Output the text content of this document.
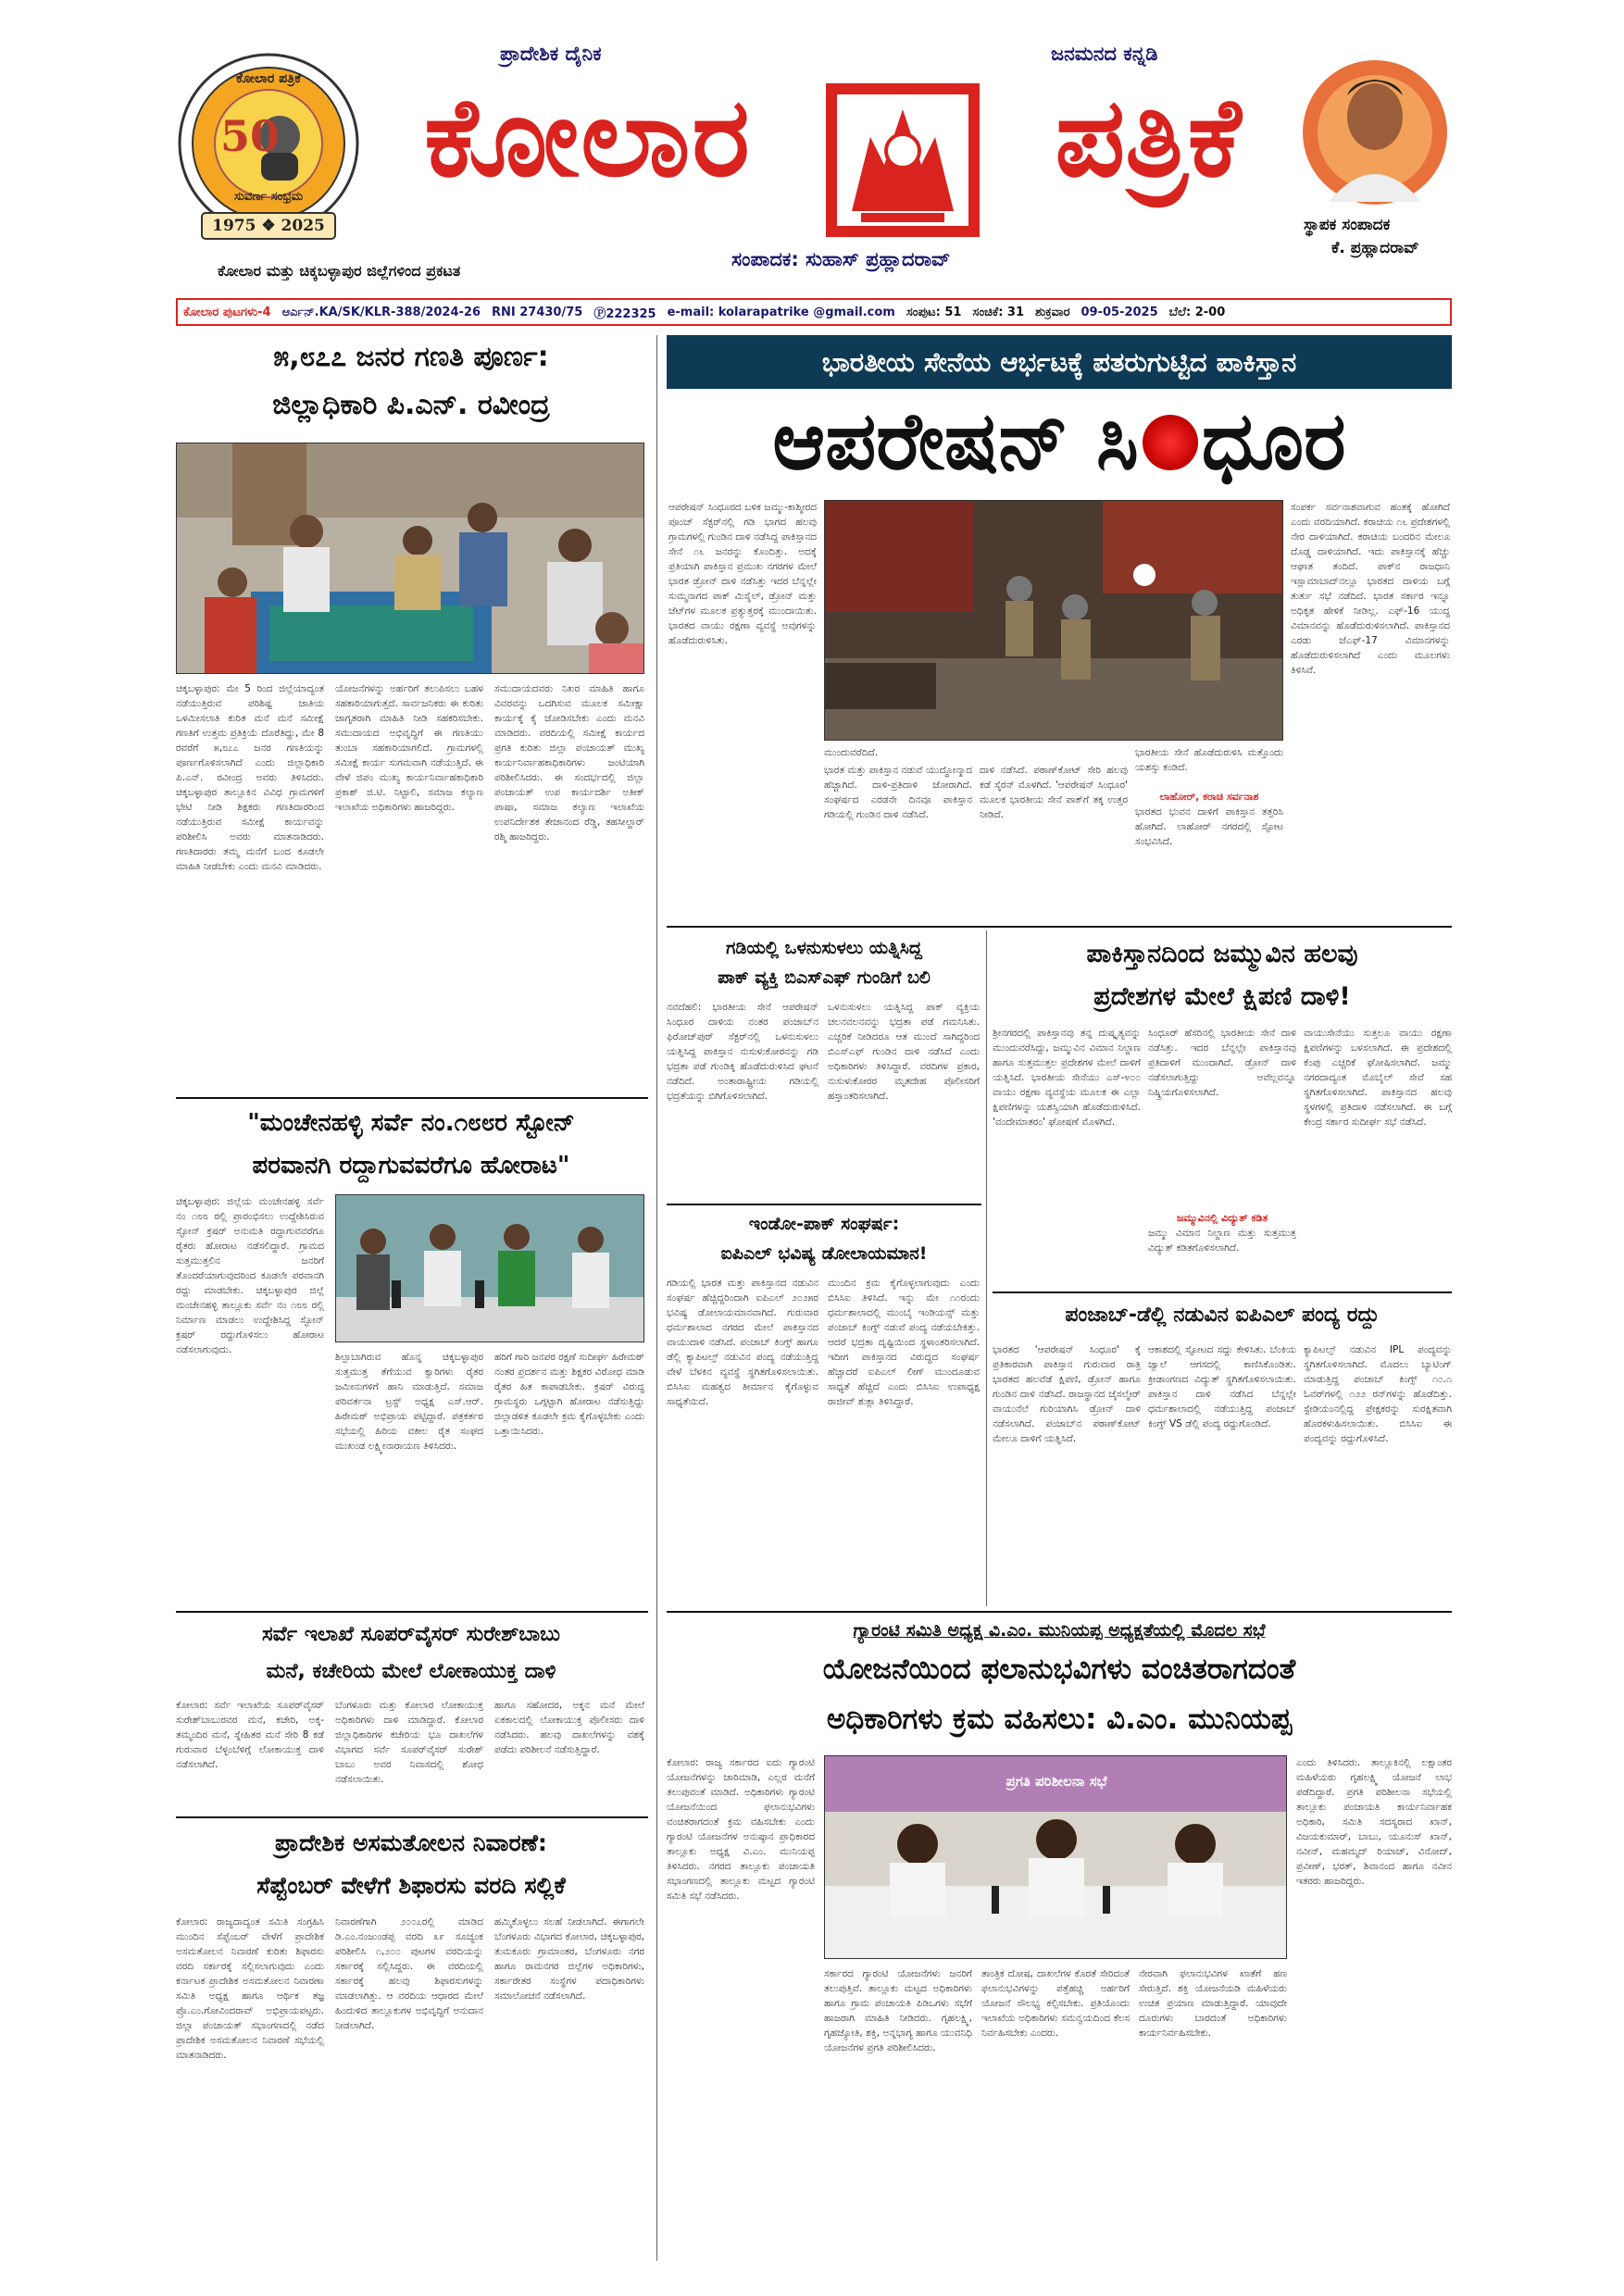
ಕೋಲಾರ ಪತ್ರಿಕೆ
50
ಸುವರ್ಣ ಸಂಭ್ರಮ
1975 ❖ 2025
ಪ್ರಾದೇಶಿಕ ದೈನಿಕ	ಜನಮನದ ಕನ್ನಡಿ
ಕೋಲಾರ	ಪತ್ರಿಕೆ
ಸ್ಥಾಪಕ ಸಂಪಾದಕ
ಕೆ. ಪ್ರಹ್ಲಾದರಾವ್
ಸಂಪಾದಕ: ಸುಹಾಸ್ ಪ್ರಹ್ಲಾದರಾವ್
ಕೋಲಾರ ಮತ್ತು ಚಿಕ್ಕಬಳ್ಳಾಪುರ ಜಿಲ್ಲೆಗಳಿಂದ ಪ್ರಕಟತ
ಕೋಲಾರ ಪುಟಗಳು-4 ಆರ್ಎನ್.KA/SK/KLR-388/2024-26 RNI 27430/75 Ⓟ222325 e-mail: kolarapatrike @gmail.com ಸಂಪುಟ: 51 ಸಂಚಿಕೆ: 31 ಶುಕ್ರವಾರ 09-05-2025 ಬೆಲೆ: 2-00
೫,೮೭೭ ಜನರ ಗಣತಿ ಪೂರ್ಣ:
ಜಿಲ್ಲಾಧಿಕಾರಿ ಪಿ.ಎನ್. ರವೀಂದ್ರ
ಚಿಕ್ಕಬಳ್ಳಾಪುರ: ಮೇ 5 ರಿಂದ ಜಿಲ್ಲೆಯಾದ್ಯಂತ ನಡೆಯುತ್ತಿರುವ ಪರಿಶಿಷ್ಟ ಜಾತಿಯ ಒಳಮೀಸಲಾತಿ ಕುರಿತ ಮನೆ ಮನೆ ಸಮೀಕ್ಷೆ ಗಣತಿಗೆ ಉತ್ತಮ ಪ್ರತಿಕ್ರಿಯೆ ದೊರೆತಿದ್ದು, ಮೇ 8 ರವರೆಗೆ ೫,೮೭೭ ಜನರ ಗಣತಿಯನ್ನು ಪೂರ್ಣಗೊಳಿಸಲಾಗಿದೆ ಎಂದು ಜಿಲ್ಲಾಧಿಕಾರಿ ಪಿ.ಎನ್. ರವೀಂದ್ರ ಅವರು ತಿಳಿಸಿದರು. ಚಿಕ್ಕಬಳ್ಳಾಪುರ ತಾಲ್ಲೂಕಿನ ವಿವಿಧ ಗ್ರಾಮಗಳಿಗೆ ಭೇಟಿ ನೀಡಿ ಶಿಕ್ಷಕರು ಗಣತಿದಾರರಿಂದ ನಡೆಯುತ್ತಿರುವ ಸಮೀಕ್ಷೆ ಕಾರ್ಯವನ್ನು ಪರಿಶೀಲಿಸಿ ಅವರು ಮಾತನಾಡಿದರು. ಗಣತಿದಾರರು ತಮ್ಮ ಮನೆಗೆ ಬಂದ ಕೂಡಲೇ ಮಾಹಿತಿ ನೀಡಬೇಕು ಎಂದು ಮನವಿ ಮಾಡಿದರು.
ಯೋಜನೆಗಳನ್ನು ಅರ್ಹರಿಗೆ ತಲುಪಿಸಲು ಬಹಳ ಸಹಕಾರಿಯಾಗುತ್ತದೆ. ಸಾರ್ವಜನಿಕರು ಈ ಕುರಿತು ಜಾಗೃತರಾಗಿ ಮಾಹಿತಿ ನೀಡಿ ಸಹಕರಿಸಬೇಕು. ಸಮುದಾಯದ ಅಭಿವೃದ್ಧಿಗೆ ಈ ಗಣತಿಯು ತುಂಬಾ ಸಹಕಾರಿಯಾಗಲಿದೆ. ಗ್ರಾಮಗಳಲ್ಲಿ ಸಮೀಕ್ಷೆ ಕಾರ್ಯ ಸುಗಮವಾಗಿ ನಡೆಯುತ್ತಿದೆ. ಈ ವೇಳೆ ಜಿಪಂ ಮುಖ್ಯ ಕಾರ್ಯನಿರ್ವಾಹಕಾಧಿಕಾರಿ ಪ್ರಕಾಶ್ ಜಿ.ಟಿ. ನಿಟ್ಟಾಲಿ, ಸಮಾಜ ಕಲ್ಯಾಣ ಇಲಾಖೆಯ ಅಧಿಕಾರಿಗಳು ಹಾಜರಿದ್ದರು.
ಸಮುದಾಯದವರು ನಿಖರ ಮಾಹಿತಿ ಹಾಗೂ ವಿವರವನ್ನು ಒದಗಿಸುವ ಮೂಲಕ ಸಮೀಕ್ಷಾ ಕಾರ್ಯಕ್ಕೆ ಕೈ ಜೋಡಿಸಬೇಕು ಎಂದು ಮನವಿ ಮಾಡಿದರು. ವರದಿಯಲ್ಲಿ ಸಮೀಕ್ಷೆ ಕಾರ್ಯದ ಪ್ರಗತಿ ಕುರಿತು ಜಿಲ್ಲಾ ಪಂಚಾಯತ್ ಮುಖ್ಯ ಕಾರ್ಯನಿರ್ವಾಹಕಾಧಿಕಾರಿಗಳು ಜಂಟಿಯಾಗಿ ಪರಿಶೀಲಿಸಿದರು. ಈ ಸಂದರ್ಭದಲ್ಲಿ ಜಿಲ್ಲಾ ಪಂಚಾಯತ್ ಉಪ ಕಾರ್ಯದರ್ಶಿ ಅತೀಕ್ ಪಾಷಾ, ಸಮಾಜ ಕಲ್ಯಾಣ ಇಲಾಖೆಯ ಉಪನಿರ್ದೇಶಕ ತೇಜಾನಂದ ರೆಡ್ಡಿ, ತಹಸೀಲ್ದಾರ್ ರಶ್ಮಿ ಹಾಜರಿದ್ದರು.
"ಮಂಚೇನಹಳ್ಳಿ ಸರ್ವೆ ನಂ.೧೮೮ರ ಸ್ಟೋನ್
ಪರವಾನಗಿ ರದ್ದಾಗುವವರೆಗೂ ಹೋರಾಟ"
ಚಿಕ್ಕಬಳ್ಳಾಪುರ: ಜಿಲ್ಲೆಯ ಮಂಚೇನಹಳ್ಳಿ ಸರ್ವೆ ನಂ ೧೮೮ ರಲ್ಲಿ ಪ್ರಾರಂಭಿಸಲು ಉದ್ದೇಶಿಸಿರುವ ಸ್ಟೋನ್ ಕ್ರಷರ್ ಅನುಮತಿ ರದ್ದಾಗುವವರೆಗೂ ರೈತರು ಹೋರಾಟ ನಡೆಸಲಿದ್ದಾರೆ. ಗ್ರಾಮದ ಸುತ್ತಮುತ್ತಲಿನ ಜನರಿಗೆ ತೊಂದರೆಯಾಗುವುದರಿಂದ ಕೂಡಲೇ ಪರವಾನಗಿ ರದ್ದು ಮಾಡಬೇಕು. ಚಿಕ್ಕಬಳ್ಳಾಪುರ ಜಿಲ್ಲೆ ಮಂಚೇನಹಳ್ಳಿ ತಾಲ್ಲೂಕು ಸರ್ವೆ ನಂ ೧೮೮ ರಲ್ಲಿ ನಿರ್ಮಾಣ ಮಾಡಲು ಉದ್ದೇಶಿಸಿದ್ದ ಸ್ಟೋನ್ ಕ್ರಷರ್ ರದ್ದುಗೊಳಿಸಲು ಹೋರಾಟ ನಡೆಸಲಾಗುವುದು.
ಶಿಲ್ಪಾಬಾಗಿರುವ ಹೊನ್ನ ಚಿಕ್ಕಬಳ್ಳಾಪುರ ಸುತ್ತಮುತ್ತ ತೆಗೆಯುವ ಕ್ವಾರಿಗಳು ರೈತರ ಜಮೀನುಗಳಿಗೆ ಹಾನಿ ಮಾಡುತ್ತಿದೆ. ಸಮಾಜ ಪರಿವರ್ತನಾ ಟ್ರಸ್ಟ್ ಅಧ್ಯಕ್ಷ ಎಸ್.ಆರ್. ಹಿರೇಮಠ್ ಅಭಿಪ್ರಾಯ ಪಟ್ಟಿದ್ದಾರೆ. ಪತ್ರಕರ್ತರ ಸಭೆಯಲ್ಲಿ ಹಿರಿಯ ವಕೀಲ ರೈತ ಸಂಘದ ಮುಖಂಡ ಲಕ್ಷ್ಮೀನಾರಾಯಣ ತಿಳಿಸಿದರು.
ಹರಿಗೆ ಗಾರಿ ಜನಪರ ರಕ್ಷಣೆ ಸುದೀರ್ಘ ಹಿರೇಮಠ್ ನಂತರ ಪ್ರದರ್ಶನ ಮತ್ತು ಶಿಕ್ಷಕರ ವಿರೋಧ ಮಾಡಿ ರೈತರ ಹಿತ ಕಾಪಾಡಬೇಕು. ಕ್ರಷರ್ ವಿರುದ್ಧ ಗ್ರಾಮಸ್ಥರು ಒಗ್ಗಟ್ಟಾಗಿ ಹೋರಾಟ ನಡೆಸುತ್ತಿದ್ದು ಜಿಲ್ಲಾಡಳಿತ ಕೂಡಲೇ ಕ್ರಮ ಕೈಗೊಳ್ಳಬೇಕು ಎಂದು ಒತ್ತಾಯಿಸಿದರು.
ಸರ್ವೆ ಇಲಾಖೆ ಸೂಪರ್‌ವೈಸರ್ ಸುರೇಶ್‌ಬಾಬು
ಮನೆ, ಕಚೇರಿಯ ಮೇಲೆ ಲೋಕಾಯುಕ್ತ ದಾಳಿ
ಕೋಲಾರ: ಸರ್ವೆ ಇಲಾಖೆಯ ಸೂಪರ್‌ವೈಸರ್ ಸುರೇಶ್‌ಬಾಬುರವರ ಮನೆ, ಕಚೇರಿ, ಅಕ್ಕ-ತಮ್ಮಂದಿರ ಮನೆ, ಸ್ನೇಹಿತರ ಮನೆ ಸೇರಿ 8 ಕಡೆ ಗುರುವಾರ ಬೆಳ್ಳಂಬೆಳಿಗ್ಗೆ ಲೋಕಾಯುಕ್ತ ದಾಳಿ ನಡೆಸಲಾಗಿದೆ.
ಬೆಂಗಳೂರು ಮತ್ತು ಕೋಲಾರ ಲೋಕಾಯುಕ್ತ ಅಧಿಕಾರಿಗಳು ದಾಳಿ ಮಾಡಿದ್ದಾರೆ. ಕೋಲಾರ ಜಿಲ್ಲಾಧಿಕಾರಿಗಳ ಕಚೇರಿಯ ಭೂ ದಾಖಲೆಗಳ ವಿಭಾಗದ ಸರ್ವೆ ಸೂಪರ್‌ವೈಸರ್ ಸುರೇಶ್ ಬಾಬು ಅವರ ನಿವಾಸದಲ್ಲಿ ಶೋಧ ನಡೆಸಲಾಯಿತು.
ಹಾಗೂ ಸಹೋದರ, ಅಕ್ಕನ ಮನೆ ಮೇಲೆ ಏಕಕಾಲದಲ್ಲಿ ಲೋಕಾಯುಕ್ತ ಪೊಲೀಸರು ದಾಳಿ ನಡೆಸಿದರು. ಹಲವು ದಾಖಲೆಗಳನ್ನು ವಶಕ್ಕೆ ಪಡೆದು ಪರಿಶೀಲನೆ ನಡೆಸುತ್ತಿದ್ದಾರೆ.
ಪ್ರಾದೇಶಿಕ ಅಸಮತೋಲನ ನಿವಾರಣೆ:
ಸೆಪ್ಟೆಂಬರ್ ವೇಳೆಗೆ ಶಿಫಾರಸು ವರದಿ ಸಲ್ಲಿಕೆ
ಕೋಲಾರ: ರಾಜ್ಯದಾದ್ಯಂತ ಸಮಿತಿ ಸಂಗ್ರಹಿಸಿ ಮುಂದಿನ ಸೆಪ್ಟೆಂಬರ್ ವೇಳೆಗೆ ಪ್ರಾದೇಶಿಕ ಅಸಮತೋಲನ ನಿವಾರಣೆ ಕುರಿತು ಶಿಫಾರಸು ವರದಿ ಸರ್ಕಾರಕ್ಕೆ ಸಲ್ಲಿಸಲಾಗುವುದು ಎಂದು ಕರ್ನಾಟಕ ಪ್ರಾದೇಶಿಕ ಅಸಮತೋಲನ ನಿವಾರಣಾ ಸಮಿತಿ ಅಧ್ಯಕ್ಷ ಹಾಗೂ ಆರ್ಥಿಕ ತಜ್ಞ ಪ್ರೊ.ಎಂ.ಗೋವಿಂದರಾವ್ ಅಭಿಪ್ರಾಯಪಟ್ಟರು. ಜಿಲ್ಲಾ ಪಂಚಾಯತ್ ಸಭಾಂಗಣದಲ್ಲಿ ನಡೆದ ಪ್ರಾದೇಶಿಕ ಅಸಮತೋಲನ ನಿವಾರಣೆ ಸಭೆಯಲ್ಲಿ ಮಾತನಾಡಿದರು.
ನಿವಾರಣೆಗಾಗಿ ೨೦೦೭ರಲ್ಲಿ ಮಾಡಿದ ಡಿ.ಎಂ.ನಂಜುಂಡಪ್ಪ ವರದಿ ೩೯ ಸೂಚ್ಯಂಕ ಪರಿಶೀಲಿಸಿ ೧,೨೦೦ ಪುಟಗಳ ವರದಿಯನ್ನು ಸರ್ಕಾರಕ್ಕೆ ಸಲ್ಲಿಸಿದ್ದರು. ಈ ವರದಿಯಲ್ಲಿ ಸರ್ಕಾರಕ್ಕೆ ಹಲವು ಶಿಫಾರಸುಗಳನ್ನು ಮಾಡಲಾಗಿತ್ತು. ಆ ವರದಿಯ ಆಧಾರದ ಮೇಲೆ ಹಿಂದುಳಿದ ತಾಲ್ಲೂಕುಗಳ ಅಭಿವೃದ್ಧಿಗೆ ಅನುದಾನ ನೀಡಲಾಗಿದೆ.
ಹಮ್ಮಿಕೊಳ್ಳಲು ಸಲಹೆ ನೀಡಲಾಗಿದೆ. ಈಗಾಗಲೇ ಬೆಂಗಳೂರು ವಿಭಾಗದ ಕೋಲಾರ, ಚಿಕ್ಕಬಳ್ಳಾಪುರ, ತುಮಕೂರು ಗ್ರಾಮಾಂತರ, ಬೆಂಗಳೂರು ನಗರ ಹಾಗೂ ರಾಮನಗರ ಜಿಲ್ಲೆಗಳ ಅಧಿಕಾರಿಗಳು, ಸರ್ಕಾರೇತರ ಸಂಸ್ಥೆಗಳ ಪದಾಧಿಕಾರಿಗಳು ಸಮಾಲೋಚನೆ ನಡೆಸಲಾಗಿದೆ.
ಭಾರತೀಯ ಸೇನೆಯ ಆರ್ಭಟಕ್ಕೆ ಪತರುಗುಟ್ಟಿದ ಪಾಕಿಸ್ತಾನ
ಆಪರೇಷನ್ ಸಿ ಧೂರ
ಆಪರೇಷನ್ ಸಿಂಧೂರದ ಬಳಿಕ ಜಮ್ಮು-ಕಾಶ್ಮೀರದ ಪೂಂಚ್ ಸೆಕ್ಟರ್‌ನಲ್ಲಿ ಗಡಿ ಭಾಗದ ಹಲವು ಗ್ರಾಮಗಳಲ್ಲಿ ಗುಂಡಿನ ದಾಳಿ ನಡೆಸಿದ್ದ ಪಾಕಿಸ್ತಾನದ ಸೇನೆ ೧೬ ಜನರನ್ನು ಕೊಂದಿತ್ತು. ಅದಕ್ಕೆ ಪ್ರತಿಯಾಗಿ ಪಾಕಿಸ್ತಾನ ಪ್ರಮುಖ ನಗರಗಳ ಮೇಲೆ ಭಾರತ ಡ್ರೋನ್ ದಾಳಿ ನಡೆಸಿತ್ತು ಇದರ ಬೆನ್ನಲ್ಲೇ ಸುಮ್ಮನಾಗದ ಪಾಕ್ ಮಿಸೈಲ್, ಡ್ರೋನ್ ಮತ್ತು ಜೆಟ್‌ಗಳ ಮೂಲಕ ಪ್ರತ್ಯುತ್ತರಕ್ಕೆ ಮುಂದಾಯಿತು. ಭಾರತದ ವಾಯು ರಕ್ಷಣಾ ವ್ಯವಸ್ಥೆ ಅವುಗಳನ್ನು ಹೊಡೆದುರುಳಿಸಿತು.
ಮುಂದುವರೆದಿದೆ.
ಭಾರತ ಮತ್ತು ಪಾಕಿಸ್ತಾನ ನಡುವೆ ಯುದ್ಧೋನ್ಮಾದ ಹೆಚ್ಚಾಗಿದೆ. ದಾಳಿ-ಪ್ರತಿದಾಳಿ ಜೋರಾಗಿದೆ. ಸಂಘರ್ಷದ ಎರಡನೇ ದಿನವೂ ಪಾಕಿಸ್ತಾನ ಗಡಿಯಲ್ಲಿ ಗುಂಡಿನ ದಾಳಿ ನಡೆಸಿದೆ.
ದಾಳಿ ನಡೆಸಿದೆ. ಪಠಾಣ್‌ಕೋಟ್ ಸೇರಿ ಹಲವು ಕಡೆ ಸೈರನ್ ಮೊಳಗಿದೆ. 'ಆಪರೇಷನ್ ಸಿಂಧೂರ' ಮೂಲಕ ಭಾರತೀಯ ಸೇನೆ ಪಾಕ್‌ಗೆ ತಕ್ಕ ಉತ್ತರ ನೀಡಿದೆ.
ಭಾರತೀಯ ಸೇನೆ ಹೊಡೆದುರುಳಿಸಿ ಮತ್ತೊಂದು ಯಶಸ್ಸು ಕಂಡಿದೆ.
ಲಾಹೋರ್, ಕರಾಚಿ ಸರ್ವನಾಶ
ಭಾರತದ ಭುವನ ದಾಳಿಗೆ ಪಾಕಿಸ್ತಾನ ತತ್ತರಿಸಿ ಹೋಗಿದೆ. ಲಾಹೋರ್ ನಗರದಲ್ಲಿ ಸ್ಫೋಟ ಸಂಭವಿಸಿದೆ.
ಸಂಪರ್ಕ ಸರ್ವನಾಶವಾಗುವ ಹಂತಕ್ಕೆ ಹೋಗಿದೆ ಎಂದು ವರದಿಯಾಗಿದೆ. ಕರಾಚಿಯ ೧೬ ಪ್ರದೇಶಗಳಲ್ಲಿ ನೇರ ದಾಳಿಯಾಗಿದೆ. ಕರಾಚಿಯ ಬಂದರಿನ ಮೇಲೂ ದೊಡ್ಡ ದಾಳಿಯಾಗಿದೆ. ಇದು ಪಾಕಿಸ್ತಾನಕ್ಕೆ ಹೆಚ್ಚು ಆಘಾತ ತಂದಿದೆ. ಪಾಕ್‌ನ ರಾಜಧಾನಿ ಇಸ್ಲಾಮಾಬಾದ್‌ನಲ್ಲೂ ಭಾರತದ ದಾಳಿಯ ಬಗ್ಗೆ ತುರ್ತು ಸಭೆ ನಡೆದಿದೆ. ಭಾರತ ಸರ್ಕಾರ ಇನ್ನೂ ಅಧಿಕೃತ ಹೇಳಿಕೆ ನೀಡಿಲ್ಲ. ಎಫ್-16 ಯುದ್ಧ ವಿಮಾನವನ್ನು ಹೊಡೆದುರುಳಿಸಲಾಗಿದೆ. ಪಾಕಿಸ್ತಾನದ ಎರಡು ಜೆಎಫ್-17 ವಿಮಾನಗಳನ್ನು ಹೊಡೆದುರುಳಿಸಲಾಗಿದೆ ಎಂದು ಮೂಲಗಳು ತಿಳಿಸಿವೆ.
ಗಡಿಯಲ್ಲಿ ಒಳನುಸುಳಲು ಯತ್ನಿಸಿದ್ದ
ಪಾಕ್ ವ್ಯಕ್ತಿ ಬಿಎಸ್‌ಎಫ್ ಗುಂಡಿಗೆ ಬಲಿ
ನವದೆಹಲಿ: ಭಾರತೀಯ ಸೇನೆ ಆಪರೇಷನ್ ಸಿಂಧೂರ ದಾಳಿಯ ನಂತರ ಪಂಜಾಬ್‌ನ ಫಿರೋಜ್‌ಪುರ್ ಸೆಕ್ಟರ್‌ನಲ್ಲಿ ಒಳನುಸುಳಲು ಯತ್ನಿಸಿದ್ದ ಪಾಕಿಸ್ತಾನ ನುಸುಳುಕೋರನನ್ನು ಗಡಿ ಭದ್ರತಾ ಪಡೆ ಗುಂಡಿಕ್ಕಿ ಹೊಡೆದುರುಳಿಸಿದ ಘಟನೆ ನಡೆದಿದೆ. ಅಂತಾರಾಷ್ಟ್ರೀಯ ಗಡಿಯಲ್ಲಿ ಭದ್ರತೆಯನ್ನು ಬಿಗಿಗೊಳಿಸಲಾಗಿದೆ.
ಒಳನುಸುಳಲು ಯತ್ನಿಸಿದ್ದ ಪಾಕ್ ವ್ಯಕ್ತಿಯ ಚಲನವಲನವನ್ನು ಭದ್ರತಾ ಪಡೆ ಗಮನಿಸಿತು. ಎಚ್ಚರಿಕೆ ನೀಡಿದರೂ ಆತ ಮುಂದೆ ಸಾಗಿದ್ದರಿಂದ ಬಿಎಸ್‌ಎಫ್ ಗುಂಡಿನ ದಾಳಿ ನಡೆಸಿದೆ ಎಂದು ಅಧಿಕಾರಿಗಳು ತಿಳಿಸಿದ್ದಾರೆ. ವರದಿಗಳ ಪ್ರಕಾರ, ನುಸುಳುಕೋರರ ಮೃತದೇಹ ಪೊಲೀಸರಿಗೆ ಹಸ್ತಾಂತರಿಸಲಾಗಿದೆ.
ಇಂಡೋ-ಪಾಕ್ ಸಂಘರ್ಷ:
ಐಪಿಎಲ್ ಭವಿಷ್ಯ ಡೋಲಾಯಮಾನ!
ಗಡಿಯಲ್ಲಿ ಭಾರತ ಮತ್ತು ಪಾಕಿಸ್ತಾನದ ನಡುವಿನ ಸಂಘರ್ಷ ಹೆಚ್ಚಿದ್ದರಿಂದಾಗಿ ಐಪಿಎಲ್ ೨೦೨೫ರ ಭವಿಷ್ಯ ಡೋಲಾಯಮಾನವಾಗಿದೆ. ಗುರುವಾರ ಧರ್ಮಶಾಲಾದ ನಗರದ ಮೇಲೆ ಪಾಕಿಸ್ತಾನದ ವಾಯುದಾಳಿ ನಡೆಸಿದೆ. ಪಂಜಾಬ್ ಕಿಂಗ್ಸ್ ಹಾಗೂ ಡೆಲ್ಲಿ ಕ್ಯಾಪಿಟಲ್ಸ್ ನಡುವಿನ ಪಂದ್ಯ ನಡೆಯುತ್ತಿದ್ದ ವೇಳೆ ಬೆಳಕಿನ ವ್ಯವಸ್ಥೆ ಸ್ಥಗಿತಗೊಳಿಸಲಾಯಿತು. ಬಿಸಿಸಿಐ ಮಹತ್ವದ ತೀರ್ಮಾನ ಕೈಗೊಳ್ಳುವ ಸಾಧ್ಯತೆಯಿದೆ.
ಮುಂದಿನ ಕ್ರಮ ಕೈಗೊಳ್ಳಲಾಗುವುದು ಎಂದು ಬಿಸಿಸಿಐ ತಿಳಿಸಿದೆ. ಇನ್ನು ಮೇ ೧೧ರಂದು ಧರ್ಮಶಾಲಾದಲ್ಲಿ ಮುಂಬೈ ಇಂಡಿಯನ್ಸ್ ಮತ್ತು ಪಂಜಾಬ್ ಕಿಂಗ್ಸ್ ನಡುವೆ ಪಂದ್ಯ ನಡೆಯಬೇಕಿತ್ತು. ಆದರೆ ಭದ್ರತಾ ದೃಷ್ಟಿಯಿಂದ ಸ್ಥಳಾಂತರಿಸಲಾಗಿದೆ. ಇದೀಗ ಪಾಕಿಸ್ತಾನದ ವಿರುದ್ಧದ ಸಂಘರ್ಷ ಹೆಚ್ಚಾದರೆ ಐಪಿಎಲ್ ಲೀಗ್ ಮುಂದೂಡುವ ಸಾಧ್ಯತೆ ಹೆಚ್ಚಿದೆ ಎಂದು ಬಿಸಿಸಿಐ ಉಪಾಧ್ಯಕ್ಷ ರಾಜೀವ್ ಶುಕ್ಲಾ ತಿಳಿಸಿದ್ದಾರೆ.
ಪಾಕಿಸ್ತಾನದಿಂದ ಜಮ್ಮುವಿನ ಹಲವು
ಪ್ರದೇಶಗಳ ಮೇಲೆ ಕ್ಷಿಪಣಿ ದಾಳಿ!
ಶ್ರೀನಗರದಲ್ಲಿ ಪಾಕಿಸ್ತಾನವು ತನ್ನ ದುಷ್ಕೃತ್ಯವನ್ನು ಮುಂದುವರೆಸಿದ್ದು, ಜಮ್ಮುವಿನ ವಿಮಾನ ನಿಲ್ದಾಣ ಹಾಗೂ ಸುತ್ತಮುತ್ತಲ ಪ್ರದೇಶಗಳ ಮೇಲೆ ದಾಳಿಗೆ ಯತ್ನಿಸಿದೆ. ಭಾರತೀಯ ಸೇನೆಯು ಎಸ್-೪೦೦ ವಾಯು ರಕ್ಷಣಾ ವ್ಯವಸ್ಥೆಯ ಮೂಲಕ ಈ ಎಲ್ಲಾ ಕ್ಷಿಪಣಿಗಳನ್ನು ಯಶಸ್ವಿಯಾಗಿ ಹೊಡೆದುರುಳಿಸಿದೆ. 'ವಂದೇಮಾತರಂ' ಘೋಷಣೆ ಮೊಳಗಿದೆ.
ಸಿಂಧೂರ್ ಹೆಸರಿನಲ್ಲಿ ಭಾರತೀಯ ಸೇನೆ ದಾಳಿ ನಡೆಸಿತ್ತು. ಇದರ ಬೆನ್ನಲ್ಲೇ ಪಾಕಿಸ್ತಾನವು ಪ್ರತಿದಾಳಿಗೆ ಮುಂದಾಗಿದೆ. ಡ್ರೋನ್ ದಾಳಿ ನಡೆಸಲಾಗುತ್ತಿದ್ದು ಅವೆಲ್ಲವನ್ನೂ ನಿಷ್ಕ್ರಿಯಗೊಳಿಸಲಾಗಿದೆ.
ಜಮ್ಮುವಿನಲ್ಲಿ ವಿದ್ಯುತ್ ಕಡಿತ
ಜಮ್ಮು ವಿಮಾನ ನಿಲ್ದಾಣ ಮತ್ತು ಸುತ್ತಮುತ್ತ ವಿದ್ಯುತ್ ಕಡಿತಗೊಳಿಸಲಾಗಿದೆ.
ವಾಯುಸೇನೆಯು ಸುತ್ತಲೂ ವಾಯು ರಕ್ಷಣಾ ಕ್ಷಿಪಣಿಗಳನ್ನು ಬಳಸಲಾಗಿದೆ. ಈ ಪ್ರದೇಶದಲ್ಲಿ ಕೆಂಪು ಎಚ್ಚರಿಕೆ ಘೋಷಿಸಲಾಗಿದೆ. ಜಮ್ಮು ನಗರದಾದ್ಯಂತ ಮೊಬೈಲ್ ಸೇವೆ ಸಹ ಸ್ಥಗಿತಗೊಳಿಸಲಾಗಿದೆ. ಪಾಕಿಸ್ತಾನದ ಹಲವು ಸ್ಥಳಗಳಲ್ಲಿ ಪ್ರತಿದಾಳಿ ನಡೆಸಲಾಗಿದೆ. ಈ ಬಗ್ಗೆ ಕೇಂದ್ರ ಸರ್ಕಾರ ಸುದೀರ್ಘ ಸಭೆ ನಡೆಸಿದೆ.
ಪಂಜಾಬ್-ಡೆಲ್ಲಿ ನಡುವಿನ ಐಪಿಎಲ್ ಪಂದ್ಯ ರದ್ದು
ಭಾರತದ 'ಆಪರೇಷನ್ ಸಿಂಧೂರ' ಕ್ಕೆ ಪ್ರತಿಕಾರವಾಗಿ ಪಾಕಿಸ್ತಾನ ಗುರುವಾರ ರಾತ್ರಿ ಭಾರತದ ಹಲವೆಡೆ ಕ್ಷಿಪಣಿ, ಡ್ರೋನ್ ಹಾಗೂ ಗುಂಡಿನ ದಾಳಿ ನಡೆಸಿದೆ. ರಾಜಸ್ಥಾನದ ಜೈಸಲ್ಮೇರ್ ವಾಯುನೆಲೆ ಗುರಿಯಾಗಿಸಿ ಡ್ರೋನ್ ದಾಳಿ ನಡೆಸಲಾಗಿದೆ. ಪಂಜಾಬ್‌ನ ಪಠಾಣ್‌ಕೋಟ್ ಮೇಲೂ ದಾಳಿಗೆ ಯತ್ನಿಸಿದೆ.
ಆಕಾಶದಲ್ಲಿ ಸ್ಫೋಟದ ಸದ್ದು ಕೇಳಿಸಿತು. ಬೆಂಕಿಯ ಜ್ವಾಲೆ ಆಗಸದಲ್ಲಿ ಕಾಣಿಸಿಕೊಂಡಿತು. ಕ್ರೀಡಾಂಗಣದ ವಿದ್ಯುತ್ ಸ್ಥಗಿತಗೊಳಿಸಲಾಯಿತು. ಪಾಕಿಸ್ತಾನ ದಾಳಿ ನಡೆಸಿದ ಬೆನ್ನಲ್ಲೇ ಧರ್ಮಶಾಲಾದಲ್ಲಿ ನಡೆಯುತ್ತಿದ್ದ ಪಂಜಾಬ್ ಕಿಂಗ್ಸ್ VS ಡೆಲ್ಲಿ ಪಂದ್ಯ ರದ್ದುಗೊಂಡಿದೆ.
ಕ್ಯಾಪಿಟಲ್ಸ್ ನಡುವಿನ IPL ಪಂದ್ಯವನ್ನು ಸ್ಥಗಿತಗೊಳಿಸಲಾಗಿದೆ. ಮೊದಲು ಬ್ಯಾಟಿಂಗ್ ಮಾಡುತ್ತಿದ್ದ ಪಂಜಾಬ್ ಕಿಂಗ್ಸ್ ೧೦.೧ ಓವರ್‌ಗಳಲ್ಲಿ ೧೨೨ ರನ್‌ಗಳನ್ನು ಹೊಡೆದಿತ್ತು. ಸ್ಟೇಡಿಯಂನಲ್ಲಿದ್ದ ಪ್ರೇಕ್ಷಕರನ್ನು ಸುರಕ್ಷಿತವಾಗಿ ಹೊರಕಳುಹಿಸಲಾಯಿತು. ಬಿಸಿಸಿಐ ಈ ಪಂದ್ಯವನ್ನು ರದ್ದುಗೊಳಿಸಿದೆ.
ಗ್ಯಾರಂಟಿ ಸಮಿತಿ ಅಧ್ಯಕ್ಷ ವಿ.ಎಂ. ಮುನಿಯಪ್ಪ ಅಧ್ಯಕ್ಷತೆಯಲ್ಲಿ ಮೊದಲ ಸಭೆ
ಯೋಜನೆಯಿಂದ ಫಲಾನುಭವಿಗಳು ವಂಚಿತರಾಗದಂತೆ
ಅಧಿಕಾರಿಗಳು ಕ್ರಮ ವಹಿಸಲು: ವಿ.ಎಂ. ಮುನಿಯಪ್ಪ
ಕೋಲಾರ: ರಾಜ್ಯ ಸರ್ಕಾರದ ಐದು ಗ್ಯಾರಂಟಿ ಯೋಜನೆಗಳನ್ನು ಜಾರಿಮಾಡಿ, ಎಲ್ಲರ ಮನೆಗೆ ತಲುಪುವಂತೆ ಮಾಡಿದೆ. ಅಧಿಕಾರಿಗಳು ಗ್ಯಾರಂಟಿ ಯೋಜನೆಯಿಂದ ಫಲಾನುಭವಿಗಳು ವಂಚಿತರಾಗದಂತೆ ಕ್ರಮ ವಹಿಸಬೇಕು ಎಂದು ಗ್ಯಾರಂಟಿ ಯೋಜನೆಗಳ ಅನುಷ್ಠಾನ ಪ್ರಾಧಿಕಾರದ ತಾಲ್ಲೂಕು ಅಧ್ಯಕ್ಷ ವಿ.ಎಂ. ಮುನಿಯಪ್ಪ ತಿಳಿಸಿದರು. ನಗರದ ತಾಲ್ಲೂಕು ಪಂಚಾಯತಿ ಸಭಾಂಗಣದಲ್ಲಿ ತಾಲ್ಲೂಕು ಮಟ್ಟದ ಗ್ಯಾರಂಟಿ ಸಮಿತಿ ಸಭೆ ನಡೆಸಿದರು.
ಪ್ರಗತಿ ಪರಿಶೀಲನಾ ಸಭೆ
ಸರ್ಕಾರದ ಗ್ಯಾರಂಟಿ ಯೋಜನೆಗಳು ಜನರಿಗೆ ತಲುಪುತ್ತಿವೆ. ತಾಲ್ಲೂಕು ಮಟ್ಟದ ಅಧಿಕಾರಿಗಳು ಹಾಗೂ ಗ್ರಾಮ ಪಂಚಾಯತಿ ಪಿಡಿಒಗಳು ಸಭೆಗೆ ಹಾಜರಾಗಿ ಮಾಹಿತಿ ನೀಡಿದರು. ಗೃಹಲಕ್ಷ್ಮಿ, ಗೃಹಜ್ಯೋತಿ, ಶಕ್ತಿ, ಅನ್ನಭಾಗ್ಯ ಹಾಗೂ ಯುವನಿಧಿ ಯೋಜನೆಗಳ ಪ್ರಗತಿ ಪರಿಶೀಲಿಸಿದರು.
ತಾಂತ್ರಿಕ ದೋಷ, ದಾಖಲೆಗಳ ಕೊರತೆ ಸೇರಿದಂತೆ ಫಲಾನುಭವಿಗಳನ್ನು ಪತ್ತೆಹಚ್ಚಿ ಅರ್ಹರಿಗೆ ಯೋಜನೆ ಸೌಲಭ್ಯ ಕಲ್ಪಿಸಬೇಕು. ಪ್ರತಿಯೊಂದು ಇಲಾಖೆಯ ಅಧಿಕಾರಿಗಳು ಸಮನ್ವಯದಿಂದ ಕೆಲಸ ನಿರ್ವಹಿಸಬೇಕು ಎಂದರು.
ನೇರವಾಗಿ ಫಲಾನುಭವಿಗಳ ಖಾತೆಗೆ ಹಣ ಸೇರುತ್ತಿದೆ. ಶಕ್ತಿ ಯೋಜನೆಯಡಿ ಮಹಿಳೆಯರು ಉಚಿತ ಪ್ರಯಾಣ ಮಾಡುತ್ತಿದ್ದಾರೆ. ಯಾವುದೇ ದೂರುಗಳು ಬಾರದಂತೆ ಅಧಿಕಾರಿಗಳು ಕಾರ್ಯನಿರ್ವಹಿಸಬೇಕು.
ಎಂದು ತಿಳಿಸಿದರು. ತಾಲ್ಲೂಕಿನಲ್ಲಿ ಲಕ್ಷಾಂತರ ಮಹಿಳೆಯರು ಗೃಹಲಕ್ಷ್ಮಿ ಯೋಜನೆ ಲಾಭ ಪಡೆದಿದ್ದಾರೆ. ಪ್ರಗತಿ ಪರಿಶೀಲನಾ ಸಭೆಯಲ್ಲಿ ತಾಲ್ಲೂಕು ಪಂಚಾಯತಿ ಕಾರ್ಯನಿರ್ವಾಹಕ ಅಧಿಕಾರಿ, ಸಮಿತಿ ಸದಸ್ಯರಾದ ಖಾನ್, ವಿಜಯಕುಮಾರ್, ಬಾಬು, ಯೂನುಸ್ ಖಾನ್, ನವೀನ್, ಮಹಮ್ಮದ್ ರಿಯಾಜ್, ವಿನೋದ್, ಪ್ರವೀಣ್, ಭರತ್, ಶಿವಾನಂದ ಹಾಗೂ ನವೀನ ಇತರರು ಹಾಜರಿದ್ದರು.
